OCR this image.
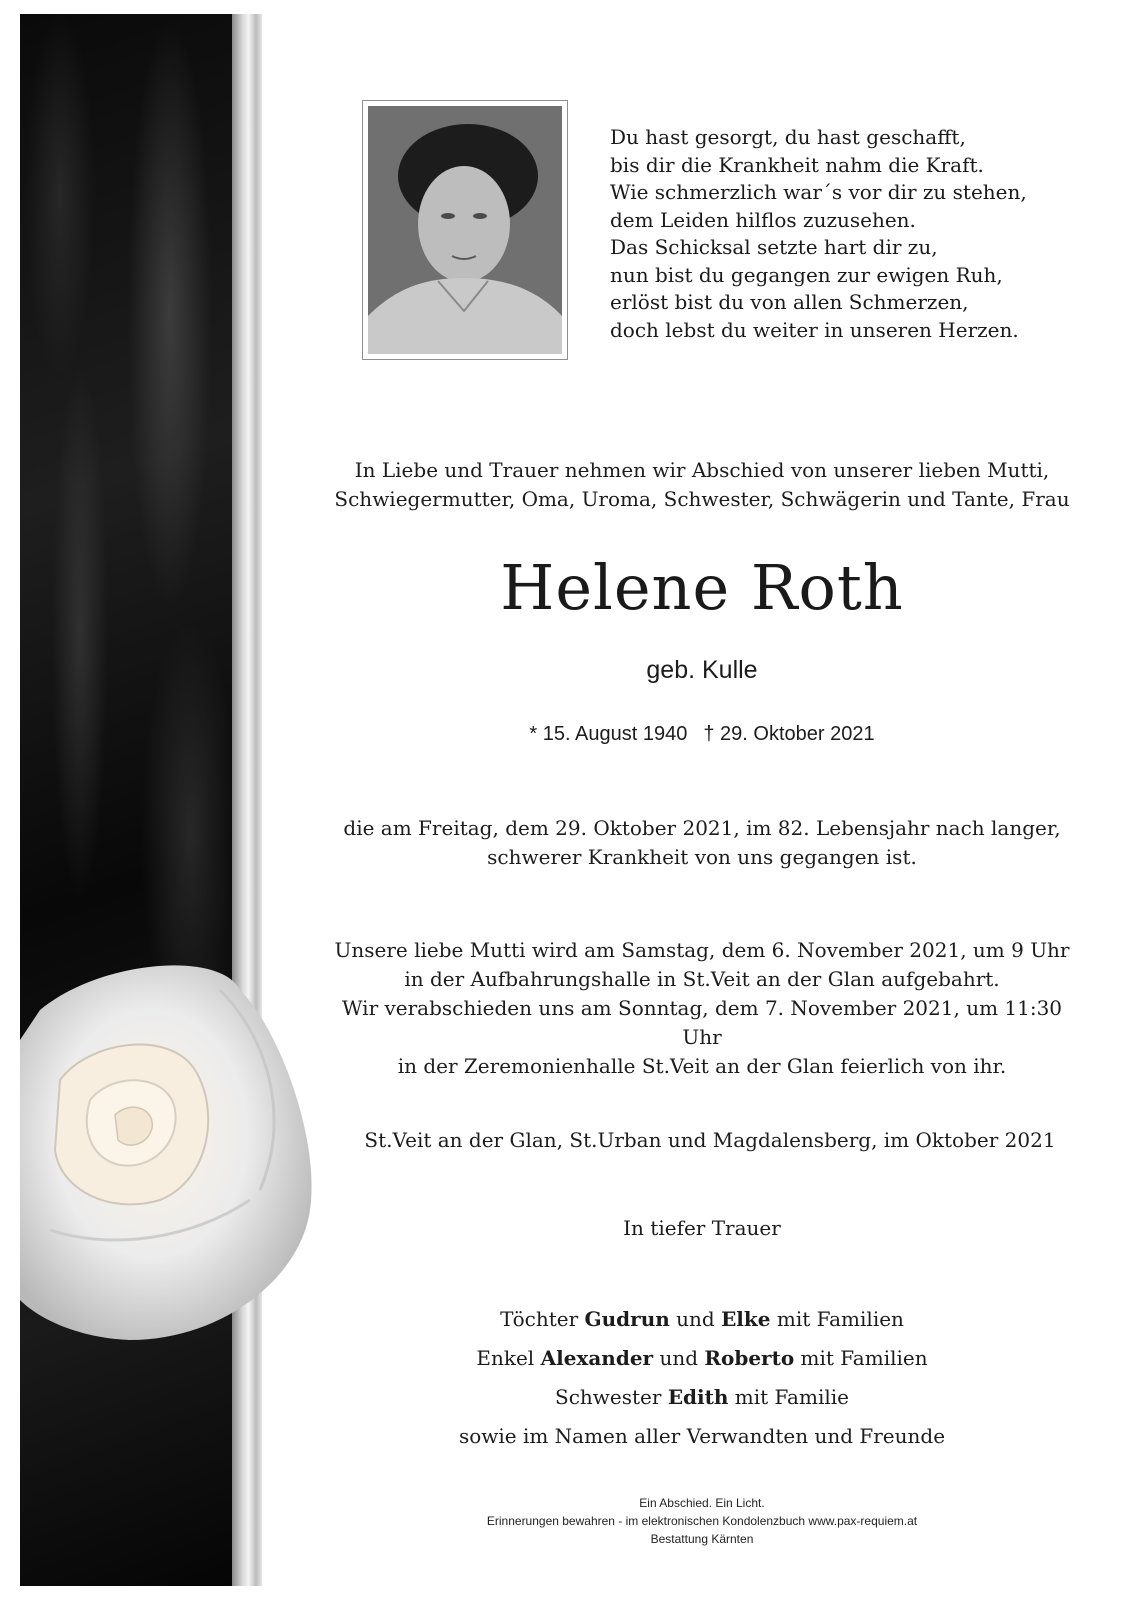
Du hast gesorgt, du hast geschafft,
bis dir die Krankheit nahm die Kraft.
Wie schmerzlich war´s vor dir zu stehen,
dem Leiden hilflos zuzusehen.
Das Schicksal setzte hart dir zu,
nun bist du gegangen zur ewigen Ruh,
erlöst bist du von allen Schmerzen,
doch lebst du weiter in unseren Herzen.
In Liebe und Trauer nehmen wir Abschied von unserer lieben Mutti,
Schwiegermutter, Oma, Uroma, Schwester, Schwägerin und Tante, Frau
Helene Roth
geb. Kulle
* 15. August 1940 † 29. Oktober 2021
die am Freitag, dem 29. Oktober 2021, im 82. Lebensjahr nach langer,
schwerer Krankheit von uns gegangen ist.
Unsere liebe Mutti wird am Samstag, dem 6. November 2021, um 9 Uhr
in der Aufbahrungshalle in St.Veit an der Glan aufgebahrt.
Wir verabschieden uns am Sonntag, dem 7. November 2021, um 11:30 Uhr
in der Zeremonienhalle St.Veit an der Glan feierlich von ihr.
St.Veit an der Glan, St.Urban und Magdalensberg, im Oktober 2021
In tiefer Trauer
Töchter Gudrun und Elke mit Familien
Enkel Alexander und Roberto mit Familien
Schwester Edith mit Familie
sowie im Namen aller Verwandten und Freunde
Ein Abschied. Ein Licht.
Erinnerungen bewahren - im elektronischen Kondolenzbuch www.pax-requiem.at
Bestattung Kärnten
